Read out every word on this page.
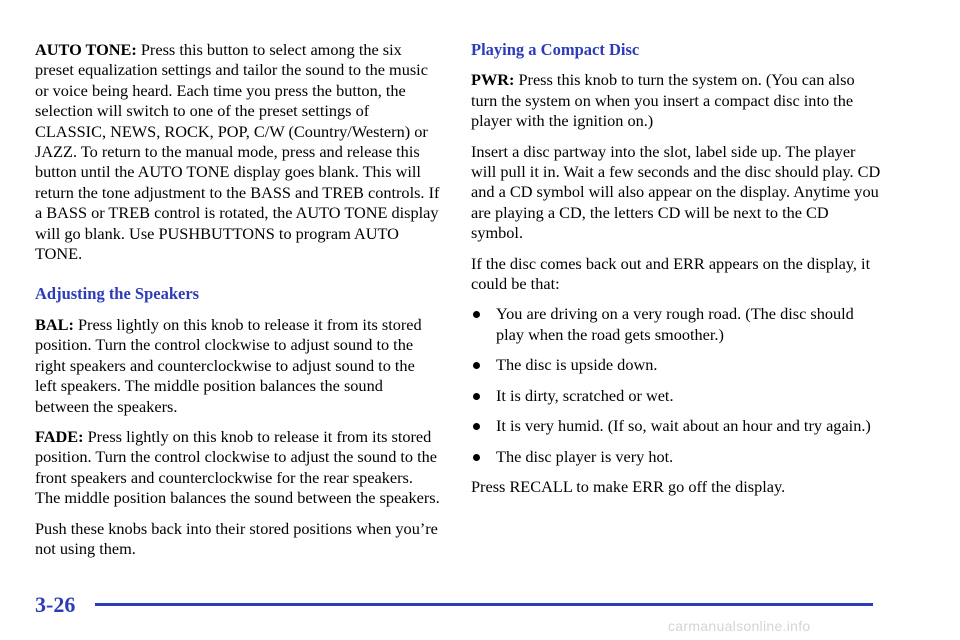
AUTO TONE: Press this button to select among the six preset equalization settings and tailor the sound to the music or voice being heard. Each time you press the button, the selection will switch to one of the preset settings of CLASSIC, NEWS, ROCK, POP, C/W (Country/Western) or JAZZ. To return to the manual mode, press and release this button until the AUTO TONE display goes blank. This will return the tone adjustment to the BASS and TREB controls. If a BASS or TREB control is rotated, the AUTO TONE display will go blank. Use PUSHBUTTONS to program AUTO TONE.

Adjusting the Speakers

BAL: Press lightly on this knob to release it from its stored position. Turn the control clockwise to adjust sound to the right speakers and counterclockwise to adjust sound to the left speakers. The middle position balances the sound between the speakers.

FADE: Press lightly on this knob to release it from its stored position. Turn the control clockwise to adjust the sound to the front speakers and counterclockwise for the rear speakers. The middle position balances the sound between the speakers.

Push these knobs back into their stored positions when you’re not using them.

Playing a Compact Disc

PWR: Press this knob to turn the system on. (You can also turn the system on when you insert a compact disc into the player with the ignition on.)

Insert a disc partway into the slot, label side up. The player will pull it in. Wait a few seconds and the disc should play. CD and a CD symbol will also appear on the display. Anytime you are playing a CD, the letters CD will be next to the CD symbol.

If the disc comes back out and ERR appears on the display, it could be that:

You are driving on a very rough road. (The disc should play when the road gets smoother.)
The disc is upside down.
It is dirty, scratched or wet.
It is very humid. (If so, wait about an hour and try again.)
The disc player is very hot.

Press RECALL to make ERR go off the display.

3-26
carmanualsonline.info
